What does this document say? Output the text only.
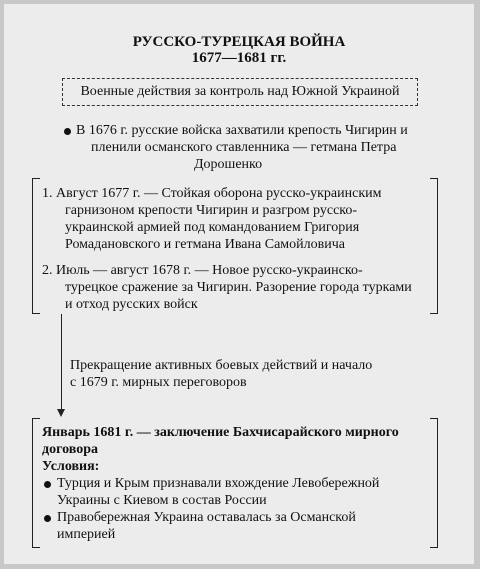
РУССКО-ТУРЕЦКАЯ ВОЙНА
1677—1681 гг.
Военные действия за контроль над Южной Украиной
В 1676 г. русские войска захватили крепость Чигирин и
пленили османского ставленника — гетмана Петра
Дорошенко
1. Август 1677 г. — Стойкая оборона русско-украинским
гарнизоном крепости Чигирин и разгром русско-
украинской армией под командованием Григория
Ромадановского и гетмана Ивана Самойловича
2. Июль — август 1678 г. — Новое русско-украинско-
турецкое сражение за Чигирин. Разорение города турками
и отход русских войск
Прекращение активных боевых действий и начало
с 1679 г. мирных переговоров
Январь 1681 г. — заключение Бахчисарайского мирного
договора
Условия:
Турция и Крым признавали вхождение Левобережной
Украины с Киевом в состав России
Правобережная Украина оставалась за Османской
империей
